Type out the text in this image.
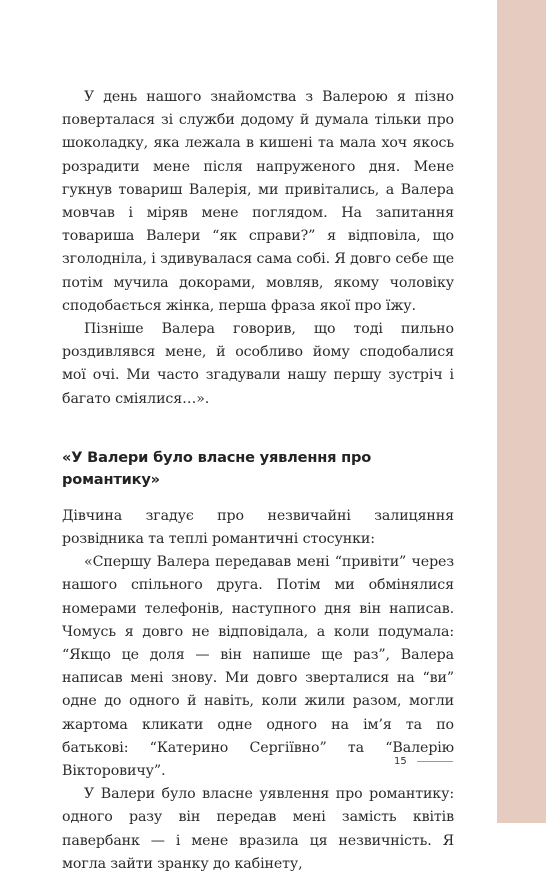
У день нашого знайомства з Валерою я пізно поверталася зі служби додому й думала тільки про шоколадку, яка лежала в кишені та мала хоч якось розрадити мене після напруженого дня. Мене гукнув товариш Валерія, ми привітались, а Валера мовчав і міряв мене поглядом. На запитання товариша Валери “як справи?” я відповіла, що зголодніла, і здивувалася сама собі. Я довго себе ще потім мучила докорами, мовляв, якому чоловіку сподобається жінка, перша фраза якої про їжу.

Пізніше Валера говорив, що тоді пильно роздивлявся мене, й особливо йому сподобалися мої очі. Ми часто згадували нашу першу зустріч і багато сміялися…».

«У Валери було власне уявлення про романтику»

Дівчина згадує про незвичайні залицяння розвідника та теплі романтичні стосунки:

«Спершу Валера передавав мені “привіти” через нашого спільного друга. Потім ми обмінялися номерами телефонів, наступного дня він написав. Чомусь я довго не відповідала, а коли подумала: “Якщо це доля — він напише ще раз”, Валера написав мені знову. Ми довго зверталися на “ви” одне до одного й навіть, коли жили разом, могли жартома кликати одне одного на ім’я та по батькові: “Катерино Сергіївно” та “Валерію Вікторовичу”.

У Валери було власне уявлення про романтику: одного разу він передав мені замість квітів павербанк — і мене вразила ця незвичність. Я могла зайти зранку до кабінету,

15
